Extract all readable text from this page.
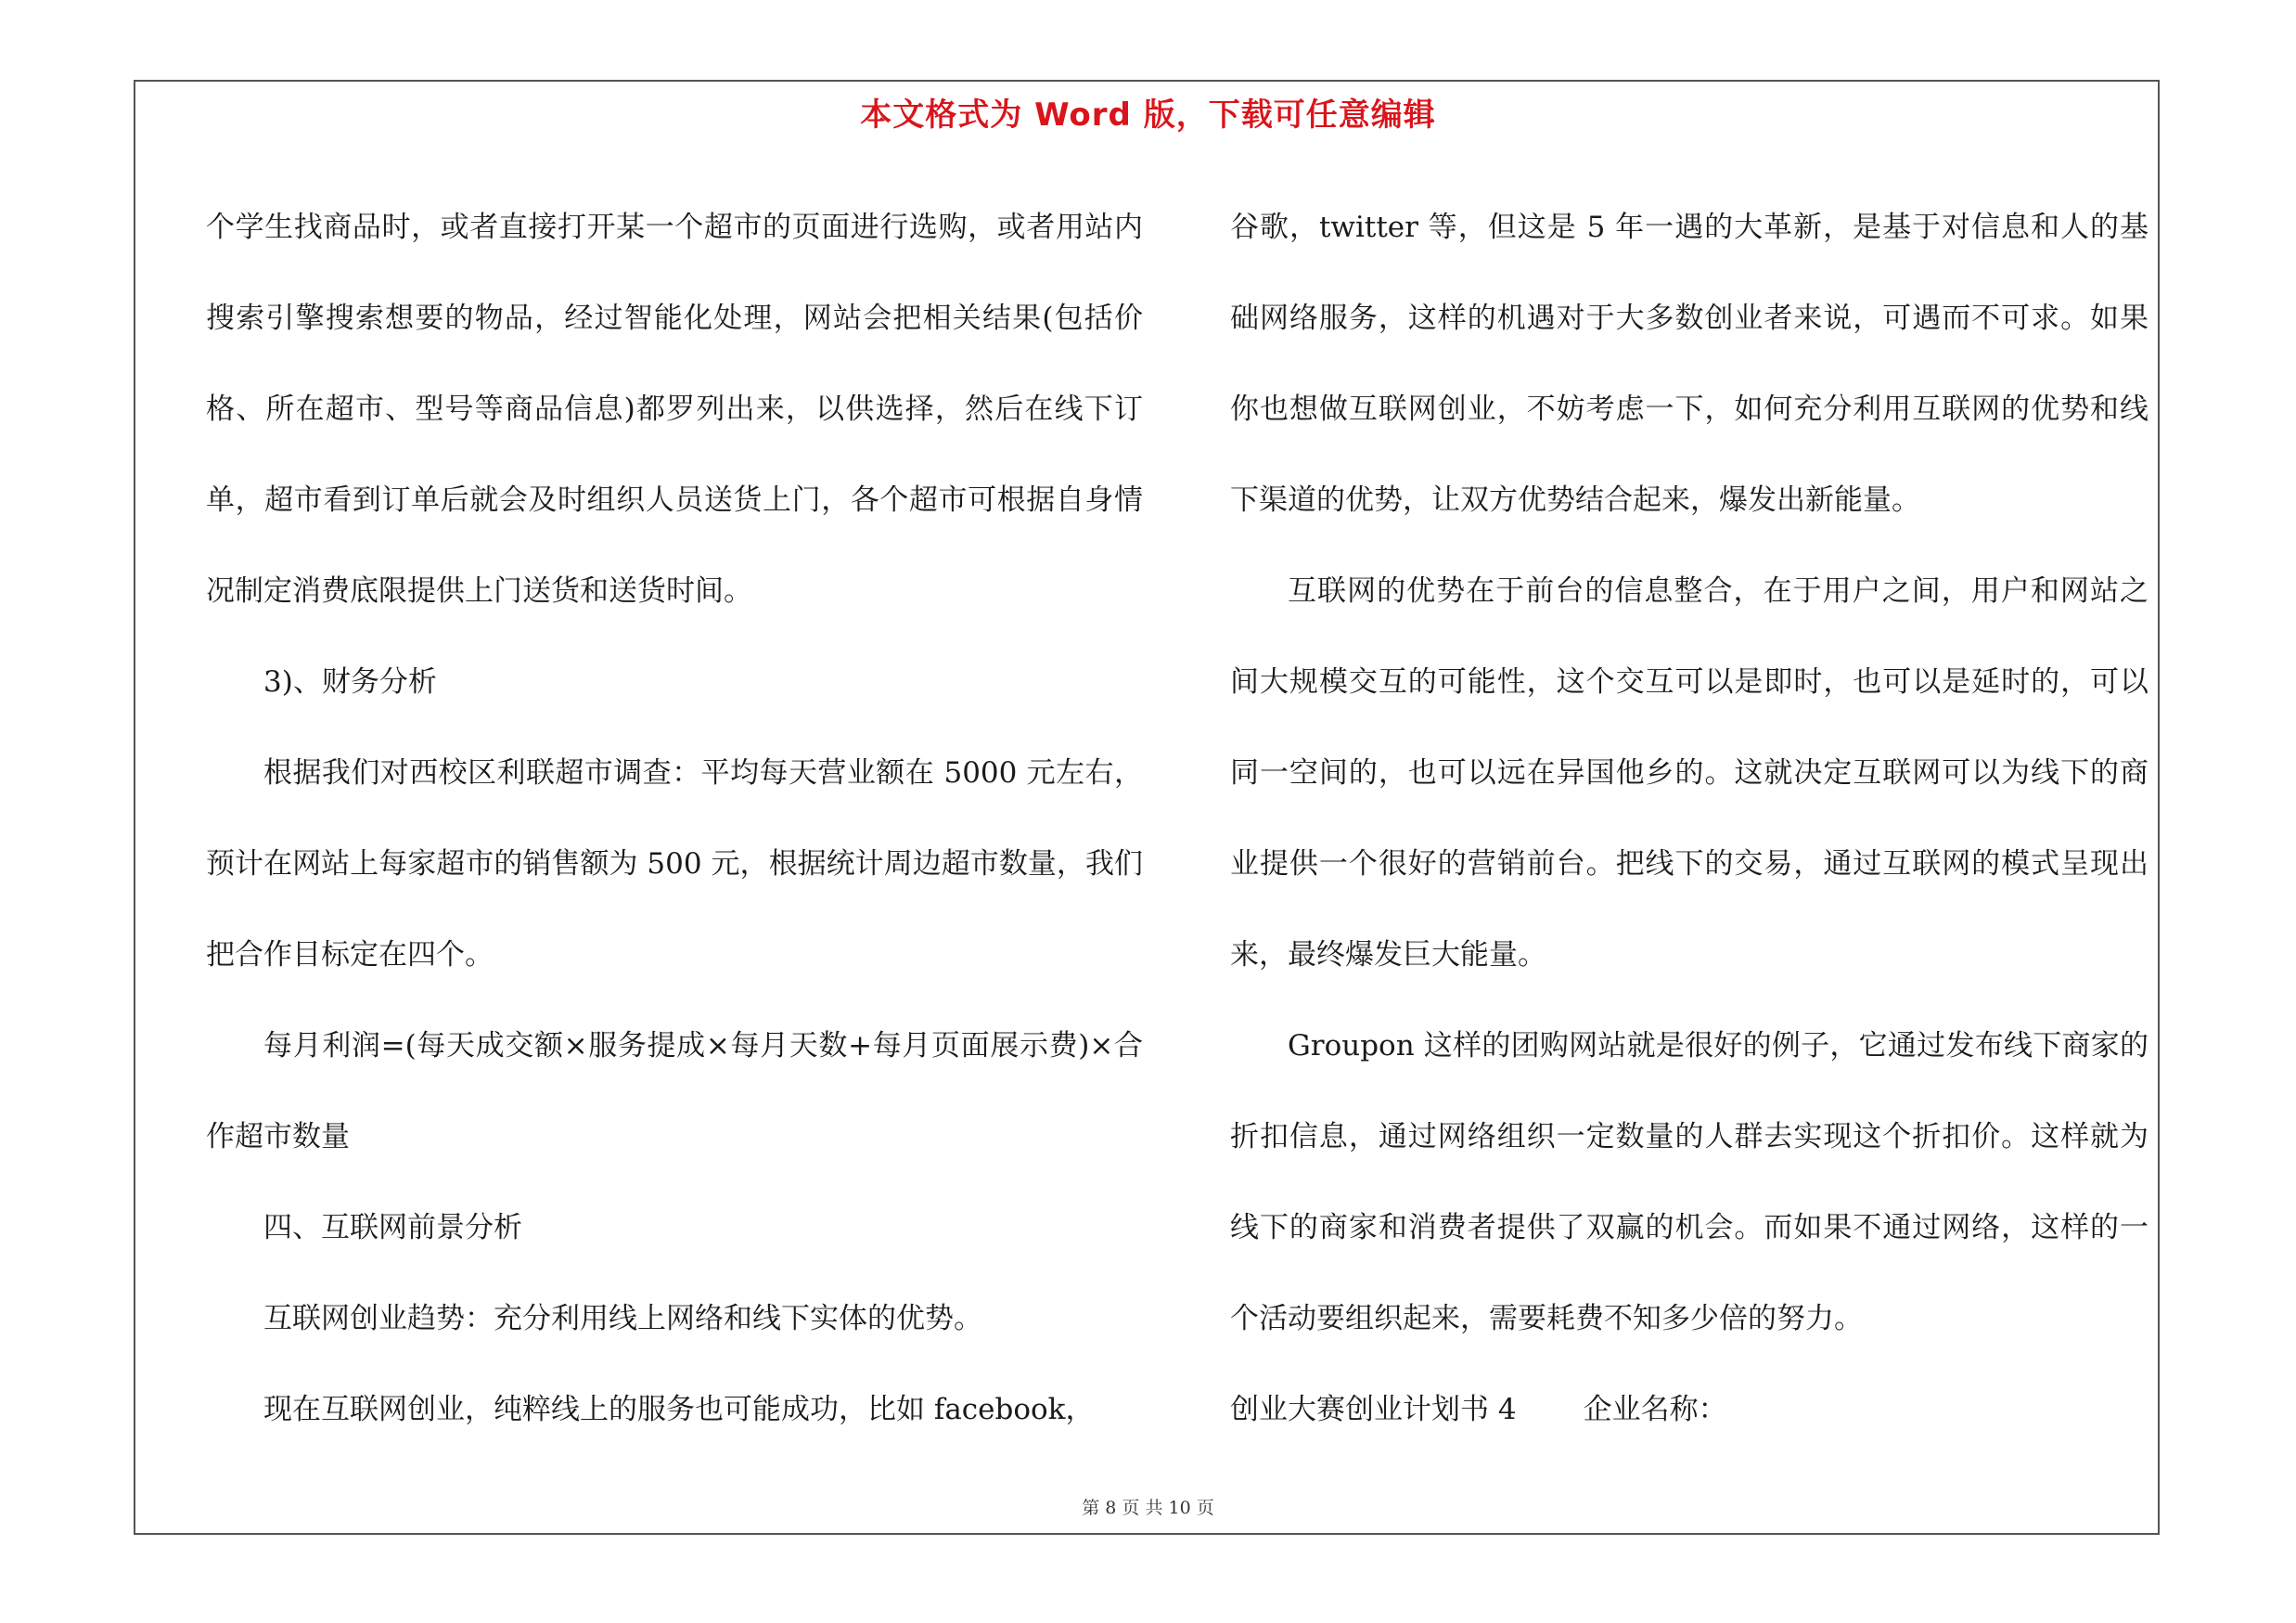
本文格式为 Word 版，下载可任意编辑

个学生找商品时，或者直接打开某一个超市的页面进行选购，或者用站内搜索引擎搜索想要的物品，经过智能化处理，网站会把相关结果(包括价格、所在超市、型号等商品信息)都罗列出来，以供选择，然后在线下订单，超市看到订单后就会及时组织人员送货上门，各个超市可根据自身情况制定消费底限提供上门送货和送货时间。

3)、财务分析

根据我们对西校区利联超市调查：平均每天营业额在 5000 元左右，预计在网站上每家超市的销售额为 500 元，根据统计周边超市数量，我们把合作目标定在四个。

每月利润=(每天成交额×服务提成×每月天数+每月页面展示费)×合作超市数量

四、互联网前景分析

互联网创业趋势：充分利用线上网络和线下实体的优势。

现在互联网创业，纯粹线上的服务也可能成功，比如 facebook，

谷歌，twitter 等，但这是 5 年一遇的大革新，是基于对信息和人的基础网络服务，这样的机遇对于大多数创业者来说，可遇而不可求。如果你也想做互联网创业，不妨考虑一下，如何充分利用互联网的优势和线下渠道的优势，让双方优势结合起来，爆发出新能量。

互联网的优势在于前台的信息整合，在于用户之间，用户和网站之间大规模交互的可能性，这个交互可以是即时，也可以是延时的，可以同一空间的，也可以远在异国他乡的。这就决定互联网可以为线下的商业提供一个很好的营销前台。把线下的交易，通过互联网的模式呈现出来，最终爆发巨大能量。

Groupon 这样的团购网站就是很好的例子，它通过发布线下商家的折扣信息，通过网络组织一定数量的人群去实现这个折扣价。这样就为线下的商家和消费者提供了双赢的机会。而如果不通过网络，这样的一个活动要组织起来，需要耗费不知多少倍的努力。

创业大赛创业计划书 4 企业名称：

第 8 页 共 10 页
